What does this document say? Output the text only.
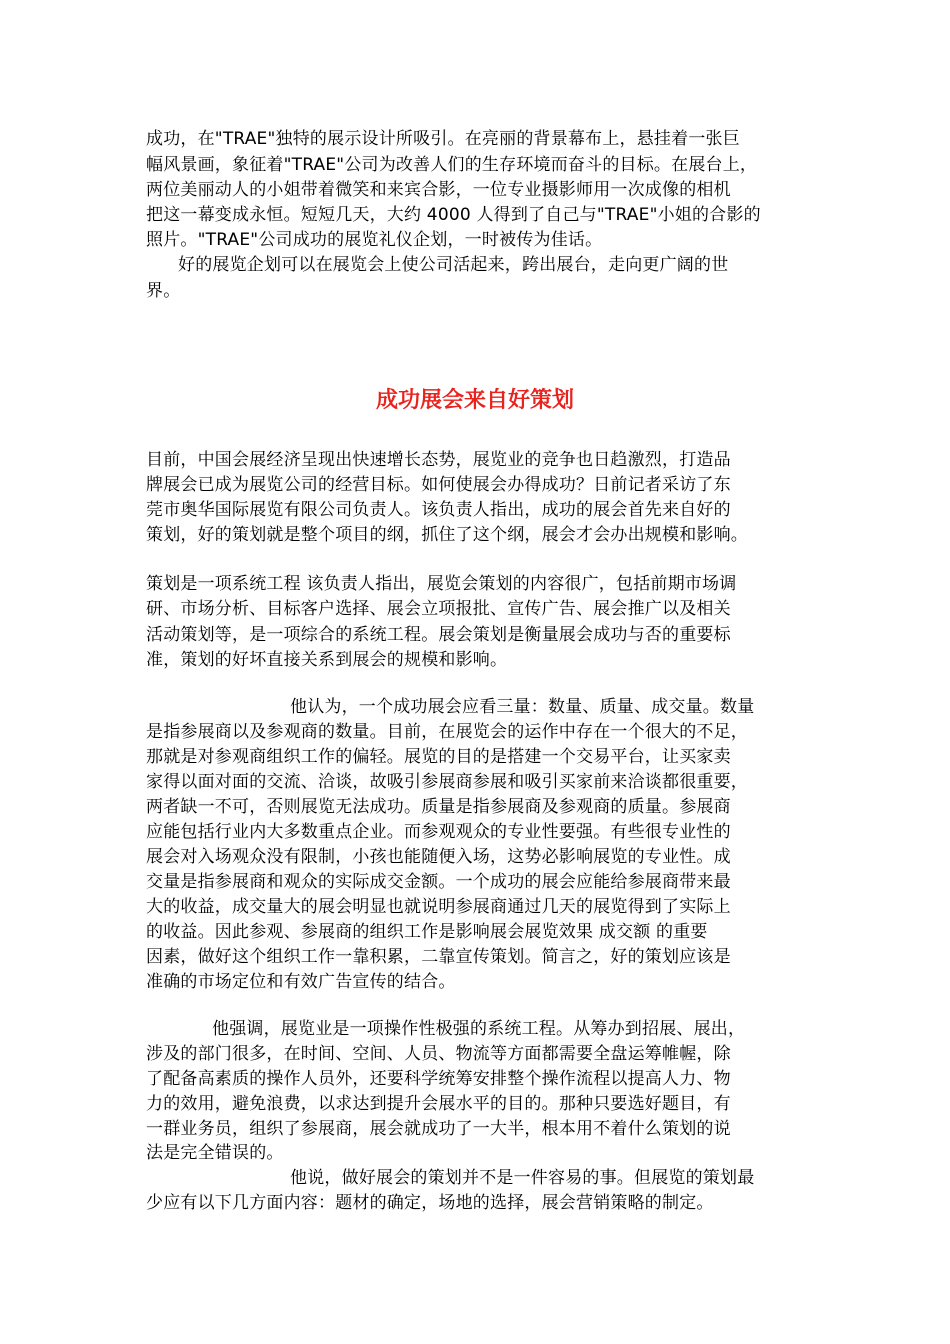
成功，在"TRAE"独特的展示设计所吸引。在亮丽的背景幕布上，悬挂着一张巨
幅风景画，象征着"TRAE"公司为改善人们的生存环境而奋斗的目标。在展台上，
两位美丽动人的小姐带着微笑和来宾合影，一位专业摄影师用一次成像的相机
把这一幕变成永恒。短短几天，大约 4000 人得到了自己与"TRAE"小姐的合影的
照片。"TRAE"公司成功的展览礼仪企划，一时被传为佳话。
好的展览企划可以在展览会上使公司活起来，跨出展台，走向更广阔的世
界。
成功展会来自好策划
目前，中国会展经济呈现出快速增长态势，展览业的竞争也日趋激烈，打造品
牌展会已成为展览公司的经营目标。如何使展会办得成功？日前记者采访了东
莞市奥华国际展览有限公司负责人。该负责人指出，成功的展会首先来自好的
策划，好的策划就是整个项目的纲，抓住了这个纲，展会才会办出规模和影响。
策划是一项系统工程 该负责人指出，展览会策划的内容很广，包括前期市场调
研、市场分析、目标客户选择、展会立项报批、宣传广告、展会推广以及相关
活动策划等，是一项综合的系统工程。展会策划是衡量展会成功与否的重要标
准，策划的好坏直接关系到展会的规模和影响。
他认为，一个成功展会应看三量：数量、质量、成交量。数量
是指参展商以及参观商的数量。目前，在展览会的运作中存在一个很大的不足，
那就是对参观商组织工作的偏轻。展览的目的是搭建一个交易平台，让买家卖
家得以面对面的交流、洽谈，故吸引参展商参展和吸引买家前来洽谈都很重要，
两者缺一不可，否则展览无法成功。质量是指参展商及参观商的质量。参展商
应能包括行业内大多数重点企业。而参观观众的专业性要强。有些很专业性的
展会对入场观众没有限制，小孩也能随便入场，这势必影响展览的专业性。成
交量是指参展商和观众的实际成交金额。一个成功的展会应能给参展商带来最
大的收益，成交量大的展会明显也就说明参展商通过几天的展览得到了实际上
的收益。因此参观、参展商的组织工作是影响展会展览效果 成交额 的重要
因素，做好这个组织工作一靠积累，二靠宣传策划。简言之，好的策划应该是
准确的市场定位和有效广告宣传的结合。
他强调，展览业是一项操作性极强的系统工程。从筹办到招展、展出，
涉及的部门很多，在时间、空间、人员、物流等方面都需要全盘运筹帷幄，除
了配备高素质的操作人员外，还要科学统筹安排整个操作流程以提高人力、物
力的效用，避免浪费，以求达到提升会展水平的目的。那种只要选好题目，有
一群业务员，组织了参展商，展会就成功了一大半，根本用不着什么策划的说
法是完全错误的。
他说，做好展会的策划并不是一件容易的事。但展览的策划最
少应有以下几方面内容：题材的确定，场地的选择，展会营销策略的制定。
